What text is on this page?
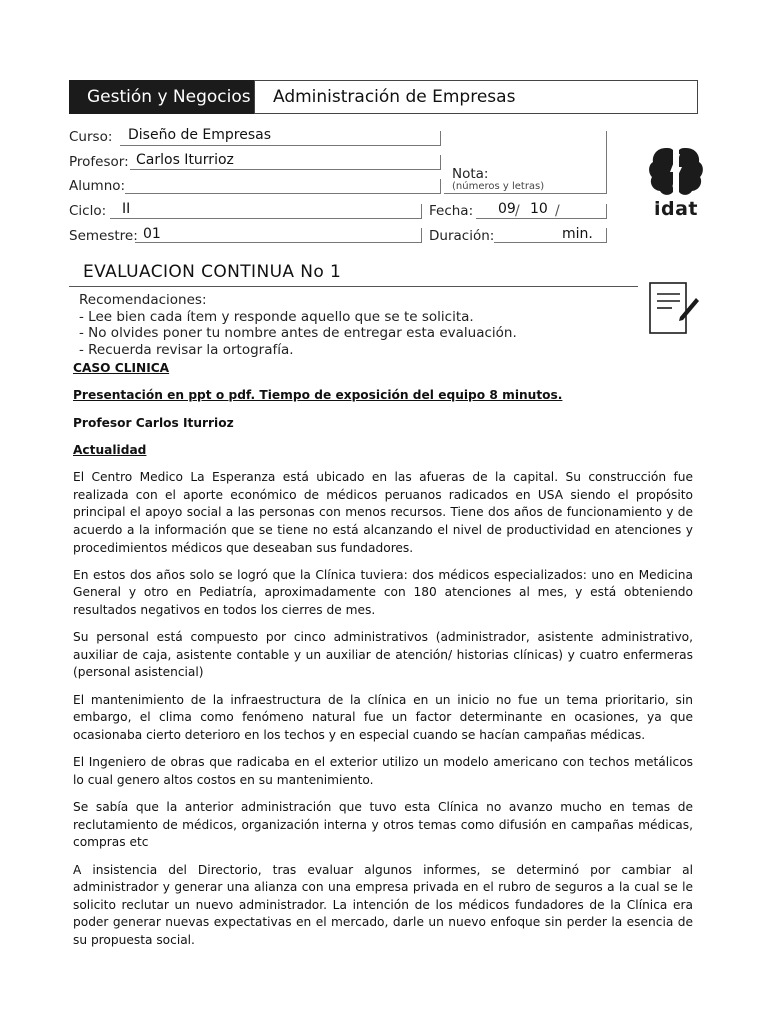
Gestión y Negocios	Administración de Empresas
Curso: Diseño de Empresas
Profesor: Carlos Iturrioz
Alumno:
Nota:
(números y letras)
Ciclo: II	Fecha: 09 / 10 /
Semestre: 01	Duración:	min.
idat
EVALUACION CONTINUA No 1
Recomendaciones:
- Lee bien cada ítem y responde aquello que se te solicita.
- No olvides poner tu nombre antes de entregar esta evaluación.
- Recuerda revisar la ortografía.
CASO CLINICA
Presentación en ppt o pdf. Tiempo de exposición del equipo 8 minutos.
Profesor Carlos Iturrioz
Actualidad

El Centro Medico La Esperanza está ubicado en las afueras de la capital. Su construcción fue realizada con el aporte económico de médicos peruanos radicados en USA siendo el propósito principal el apoyo social a las personas con menos recursos. Tiene dos años de funcionamiento y de acuerdo a la información que se tiene no está alcanzando el nivel de productividad en atenciones y procedimientos médicos que deseaban sus fundadores.

En estos dos años solo se logró que la Clínica tuviera: dos médicos especializados: uno en Medicina General y otro en Pediatría, aproximadamente con 180 atenciones al mes, y está obteniendo resultados negativos en todos los cierres de mes.

Su personal está compuesto por cinco administrativos (administrador, asistente administrativo, auxiliar de caja, asistente contable y un auxiliar de atención/ historias clínicas) y cuatro enfermeras (personal asistencial)

El mantenimiento de la infraestructura de la clínica en un inicio no fue un tema prioritario, sin embargo, el clima como fenómeno natural fue un factor determinante en ocasiones, ya que ocasionaba cierto deterioro en los techos y en especial cuando se hacían campañas médicas.

El Ingeniero de obras que radicaba en el exterior utilizo un modelo americano con techos metálicos lo cual genero altos costos en su mantenimiento.

Se sabía que la anterior administración que tuvo esta Clínica no avanzo mucho en temas de reclutamiento de médicos, organización interna y otros temas como difusión en campañas médicas, compras etc

A insistencia del Directorio, tras evaluar algunos informes, se determinó por cambiar al administrador y generar una alianza con una empresa privada en el rubro de seguros a la cual se le solicito reclutar un nuevo administrador. La intención de los médicos fundadores de la Clínica era poder generar nuevas expectativas en el mercado, darle un nuevo enfoque sin perder la esencia de su propuesta social.
